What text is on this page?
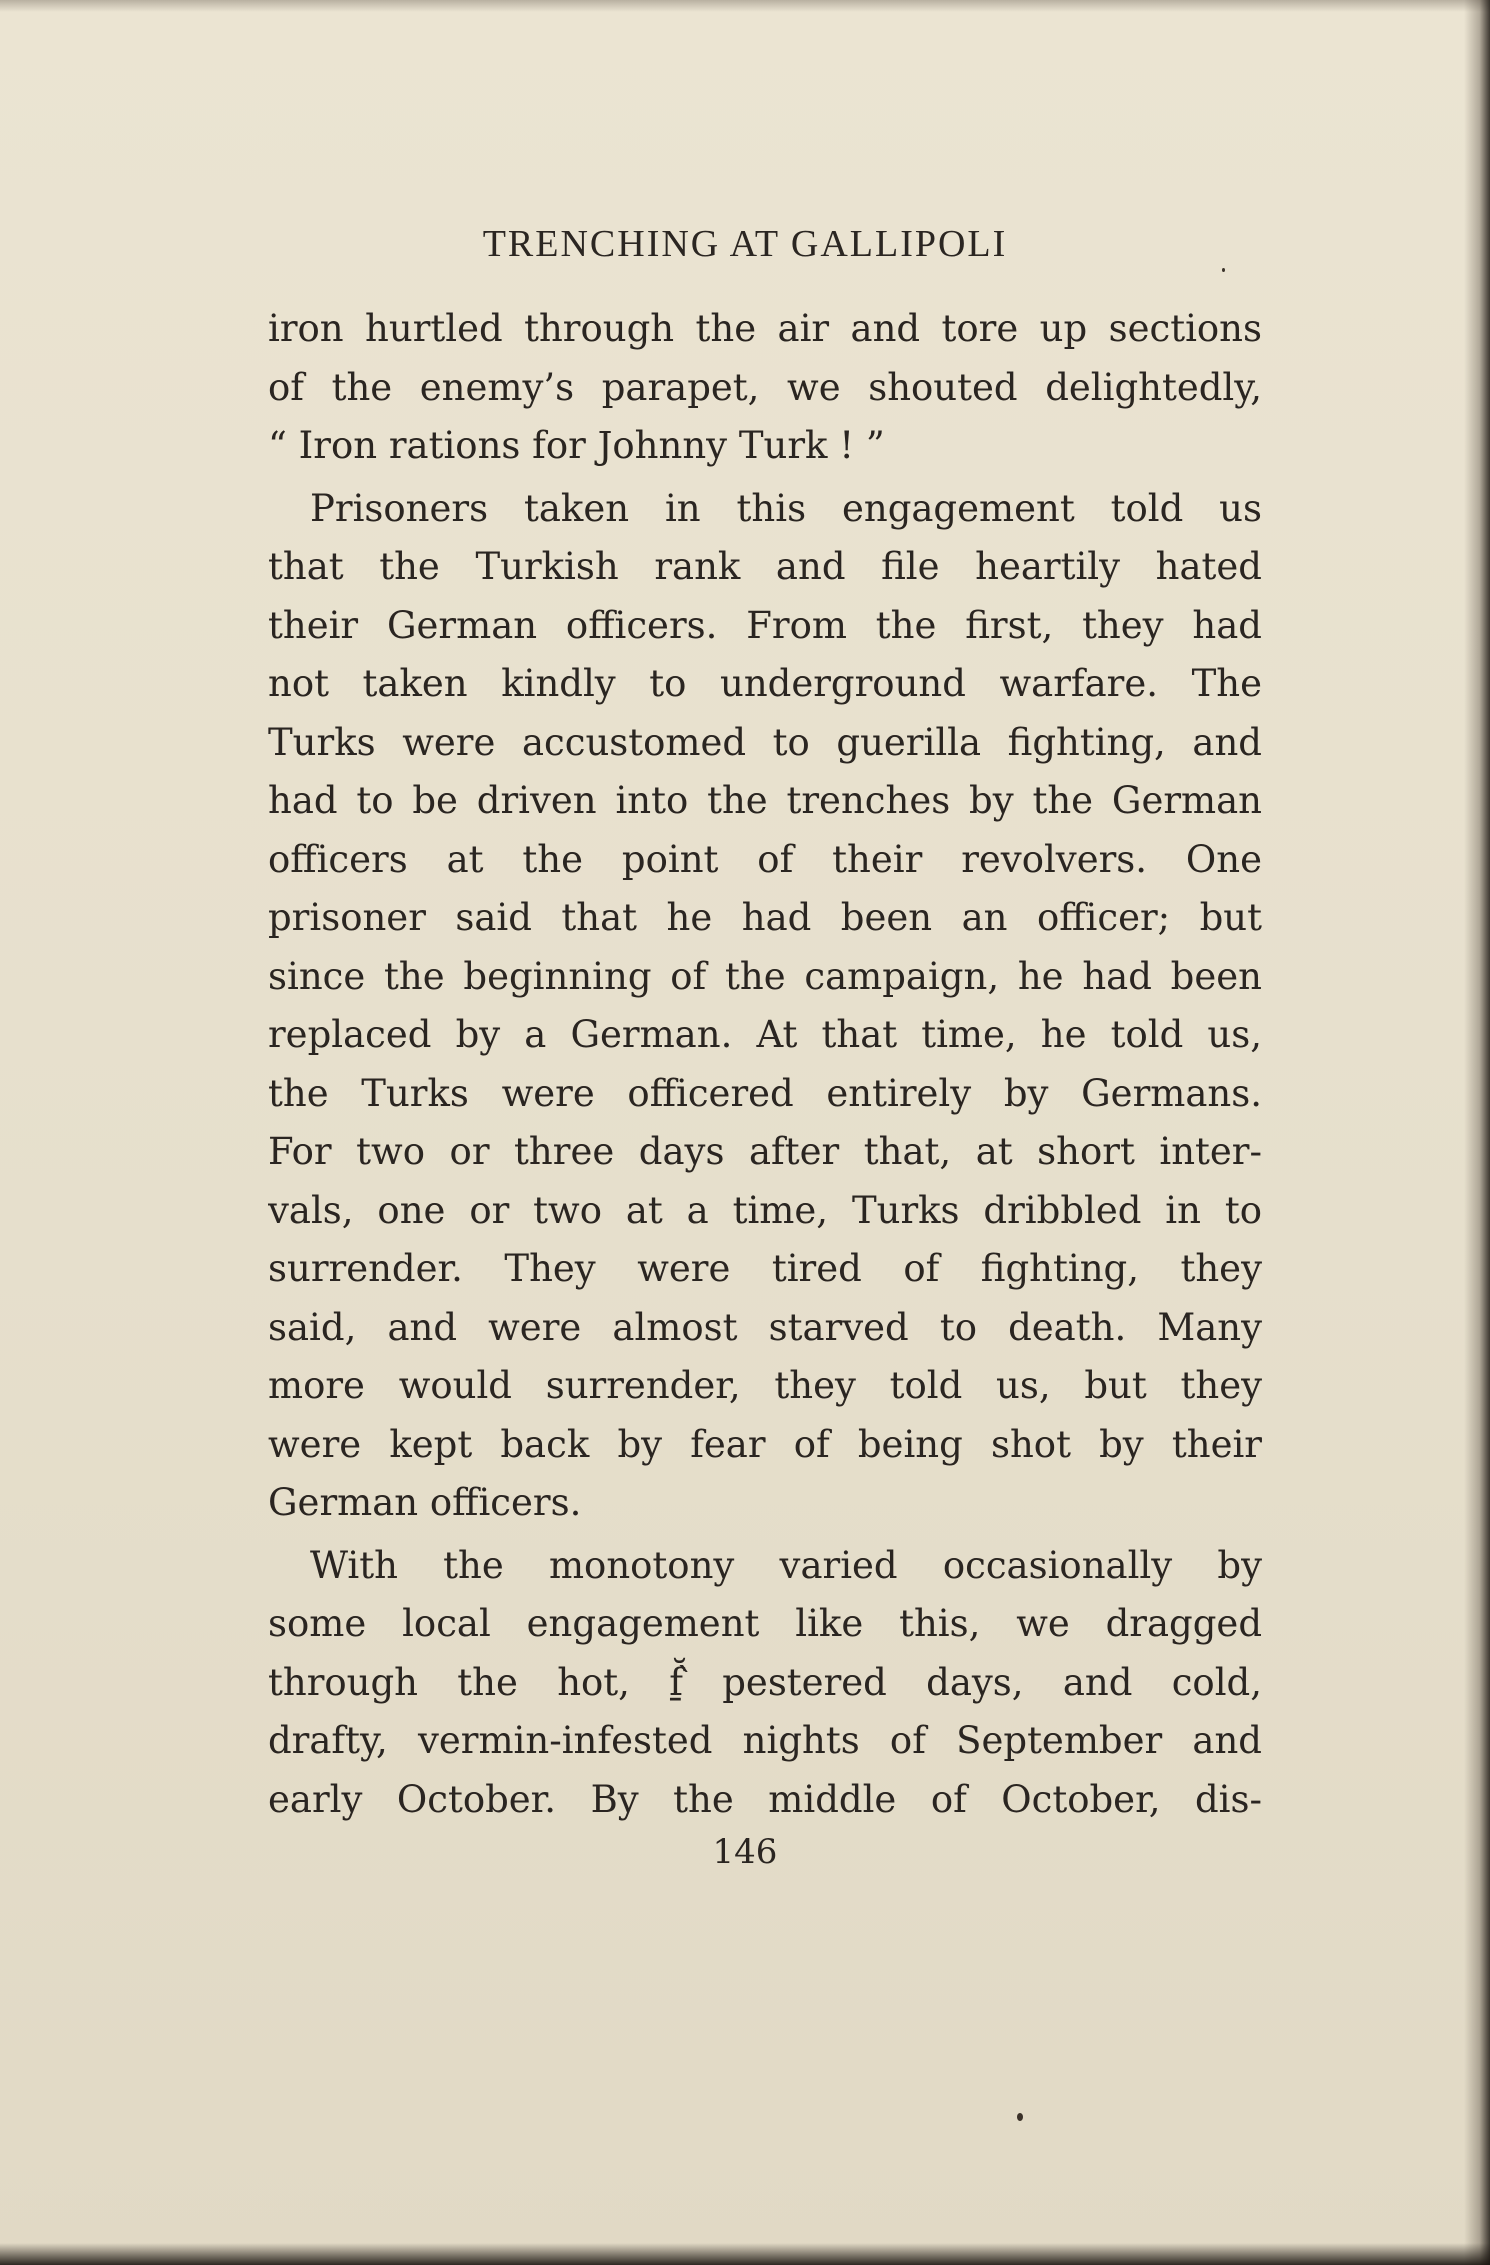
TRENCHING AT GALLIPOLI
iron hurtled through the air and tore up sections
of the enemy’s parapet, we shouted delightedly,
“ Iron rations for Johnny Turk ! ”
Prisoners taken in this engagement told us
that the Turkish rank and file heartily hated
their German officers. From the first, they had
not taken kindly to underground warfare. The
Turks were accustomed to guerilla fighting, and
had to be driven into the trenches by the German
officers at the point of their revolvers. One
prisoner said that he had been an officer; but
since the beginning of the campaign, he had been
replaced by a German. At that time, he told us,
the Turks were officered entirely by Germans.
For two or three days after that, at short inter-
vals, one or two at a time, Turks dribbled in to
surrender. They were tired of fighting, they
said, and were almost starved to death. Many
more would surrender, they told us, but they
were kept back by fear of being shot by their
German officers.
With the monotony varied occasionally by
some local engagement like this, we dragged
through the hot, f̱̆ ̀pestered days, and cold,
drafty, vermin-infested nights of September and
early October. By the middle of October, dis-
146
